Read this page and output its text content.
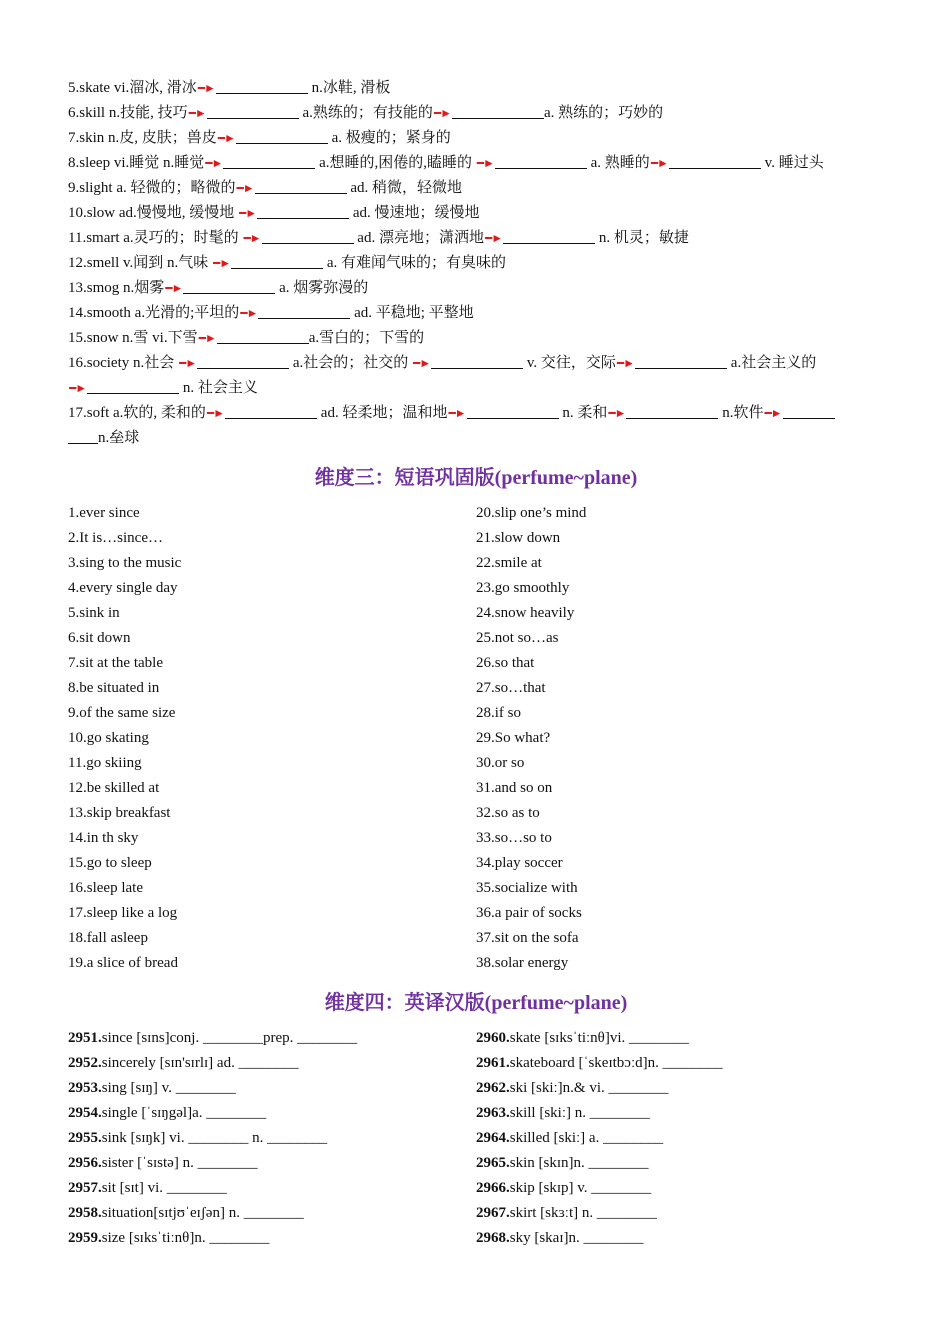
5.skate vi.溜冰, 滑冰━►	n.冰鞋, 滑板
6.skill n.技能, 技巧━►	a.熟练的；有技能的━►	a. 熟练的；巧妙的
7.skin n.皮, 皮肤；兽皮━►	a. 极瘦的；紧身的
8.sleep vi.睡觉 n.睡觉━►	a.想睡的,困倦的,瞌睡的 ━►	a. 熟睡的━►	v. 睡过头
9.slight a. 轻微的；略微的━►	ad. 稍微，轻微地
10.slow ad.慢慢地, 缓慢地 ━►	ad. 慢速地；缓慢地
11.smart a.灵巧的；时髦的 ━►	ad. 漂亮地；潇洒地━►	n. 机灵；敏捷
12.smell v.闻到 n.气味 ━►	a. 有难闻气味的；有臭味的
13.smog n.烟雾━►	a. 烟雾弥漫的
14.smooth a.光滑的;平坦的━►	ad. 平稳地; 平整地
15.snow n.雪 vi.下雪━►	a.雪白的；下雪的
16.society n.社会 ━►	a.社会的；社交的 ━►	v. 交往，交际━►	a.社会主义的
━►	n. 社会主义
17.soft a.软的, 柔和的━►	ad. 轻柔地；温和地━►	n. 柔和━►	n.软件━►
n.垒球
维度三：短语巩固版(perfume~plane)
1.ever since
2.It is…since…
3.sing to the music
4.every single day
5.sink in
6.sit down
7.sit at the table
8.be situated in
9.of the same size
10.go skating
11.go skiing
12.be skilled at
13.skip breakfast
14.in th sky
15.go to sleep
16.sleep late
17.sleep like a log
18.fall asleep
19.a slice of bread
20.slip one’s mind
21.slow down
22.smile at
23.go smoothly
24.snow heavily
25.not so…as
26.so that
27.so…that
28.if so
29.So what?
30.or so
31.and so on
32.so as to
33.so…so to
34.play soccer
35.socialize with
36.a pair of socks
37.sit on the sofa
38.solar energy
维度四：英译汉版(perfume~plane)
2951.since [sɪns]conj. ________prep. ________
2952.sincerely [sɪn'sɪrlɪ] ad. ________
2953.sing [sɪŋ] v. ________
2954.single [ˈsɪŋgəl]a. ________
2955.sink [sɪŋk] vi. ________ n. ________
2956.sister [ˈsɪstə] n. ________
2957.sit [sɪt] vi. ________
2958.situation[sɪtjʊˈeɪʃən] n. ________
2959.size [sɪksˈtiːnθ]n. ________
2960.skate [sɪksˈtiːnθ]vi. ________
2961.skateboard [ˈskeɪtbɔːd]n. ________
2962.ski [skiː]n.& vi. ________
2963.skill [skiː] n. ________
2964.skilled [skiː] a. ________
2965.skin [skɪn]n. ________
2966.skip [skɪp] v. ________
2967.skirt [skɜːt] n. ________
2968.sky [skaɪ]n. ________
